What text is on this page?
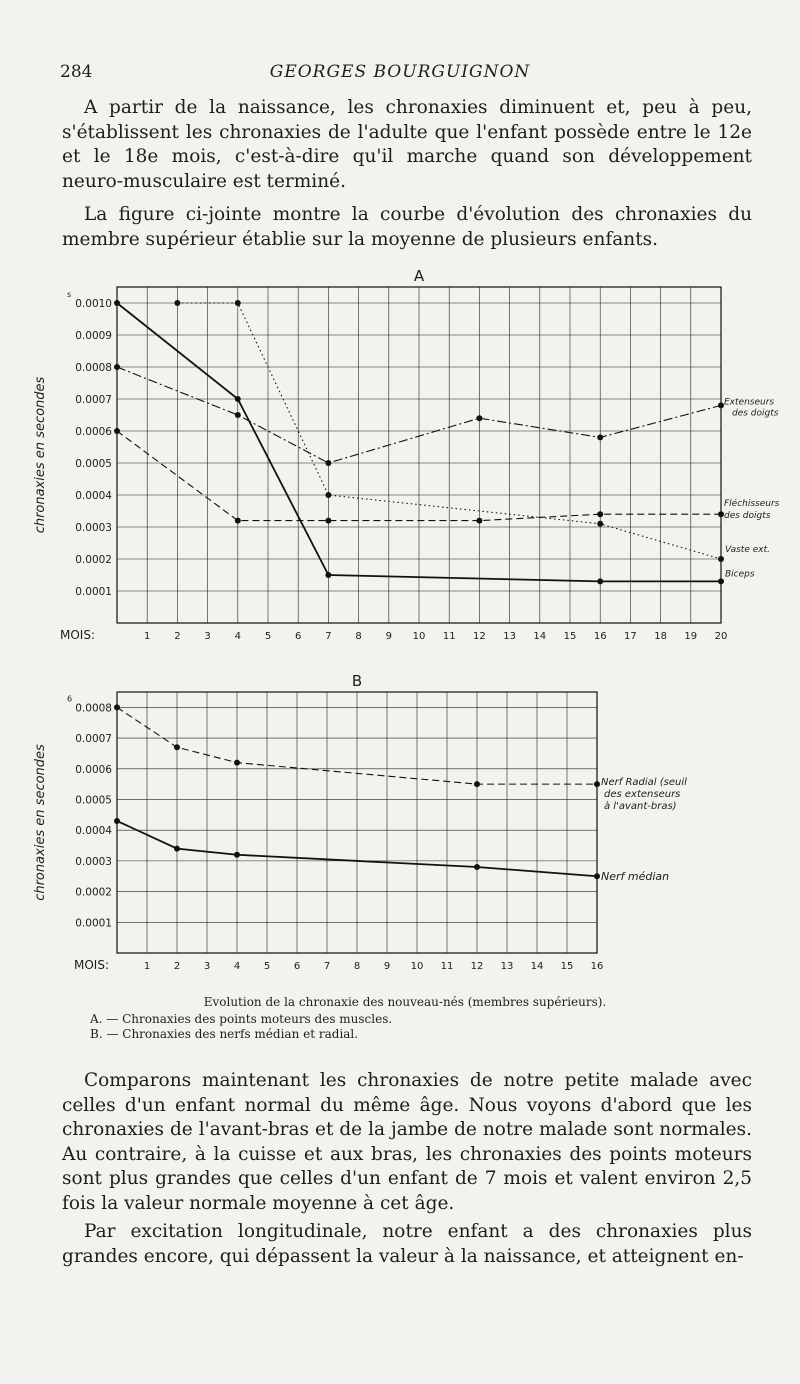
284	GEORGES BOURGUIGNON

A partir de la naissance, les chronaxies diminuent et, peu à peu, s'établissent les chronaxies de l'adulte que l'enfant possède entre le 12e et le 18e mois, c'est-à-dire qu'il marche quand son développement neuro-musculaire est terminé.

La figure ci-jointe montre la courbe d'évolution des chronaxies du membre supérieur établie sur la moyenne de plusieurs enfants.

A
0.0001
0.0002
0.0003
0.0004
0.0005
0.0006
0.0007
0.0008
0.0009
0.0010
s
chronaxies en secondes
MOIS:	1 2 3 4 5 6 7 8 9 10 11 12 13 14 15 16 17 18 19 20
Extenseurs
des doigts
Fléchisseurs
des doigts
Vaste ext.
Biceps
B
0.0001
0.0002
0.0003
0.0004
0.0005
0.0006
0.0007
0.0008
6
chronaxies en secondes
MOIS:	1 2 3 4 5 6 7 8 9 10 11 12 13 14 15 16
Nerf Radial (seuil
des extenseurs
à l'avant-bras)
Nerf médian
Evolution de la chronaxie des nouveau-nés (membres supérieurs).
A. — Chronaxies des points moteurs des muscles.
B. — Chronaxies des nerfs médian et radial.

Comparons maintenant les chronaxies de notre petite malade avec celles d'un enfant normal du même âge. Nous voyons d'abord que les chronaxies de l'avant-bras et de la jambe de notre malade sont normales. Au contraire, à la cuisse et aux bras, les chronaxies des points moteurs sont plus grandes que celles d'un enfant de 7 mois et valent environ 2,5 fois la valeur normale moyenne à cet âge.

Par excitation longitudinale, notre enfant a des chronaxies plus grandes encore, qui dépassent la valeur à la naissance, et atteignent en-
